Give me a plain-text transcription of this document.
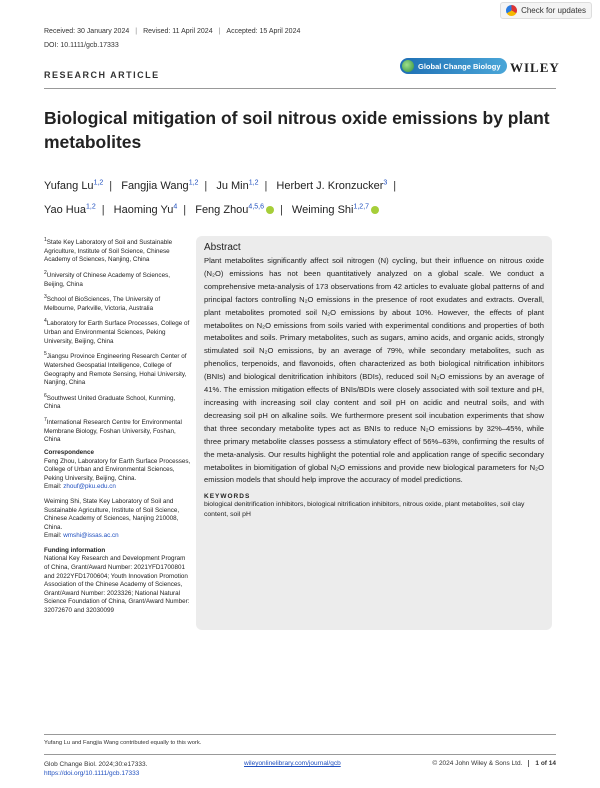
Check for updates
Received: 30 January 2024 | Revised: 11 April 2024 | Accepted: 15 April 2024
DOI: 10.1111/gcb.17333
RESEARCH ARTICLE
Global Change Biology WILEY
Biological mitigation of soil nitrous oxide emissions by plant metabolites
Yufang Lu$^{1,2}$ | Fangjia Wang$^{1,2}$ | Ju Min$^{1,2}$ | Herbert J. Kronzucker$^3$ |
Yao Hua$^{1,2}$ | Haoming Yu$^4$ | Feng Zhou$^{4,5,6}$ | Weiming Shi$^{1,2,7}$
$^1$State Key Laboratory of Soil and Sustainable Agriculture, Institute of Soil Science, Chinese Academy of Sciences, Nanjing, China
$^2$University of Chinese Academy of Sciences, Beijing, China
$^3$School of BioSciences, The University of Melbourne, Parkville, Victoria, Australia
$^4$Laboratory for Earth Surface Processes, College of Urban and Environmental Sciences, Peking University, Beijing, China
$^5$Jiangsu Province Engineering Research Center of Watershed Geospatial Intelligence, College of Geography and Remote Sensing, Hohai University, Nanjing, China
$^6$Southwest United Graduate School, Kunming, China
$^7$International Research Centre for Environmental Membrane Biology, Foshan University, Foshan, China
Correspondence
Feng Zhou, Laboratory for Earth Surface Processes, College of Urban and Environmental Sciences, Peking University, Beijing, China.
Email: zhouf@pku.edu.cn
Weiming Shi, State Key Laboratory of Soil and Sustainable Agriculture, Institute of Soil Science, Chinese Academy of Sciences, Nanjing 210008, China.
Email: wmshi@issas.ac.cn
Funding information
National Key Research and Development Program of China, Grant/Award Number: 2021YFD1700801 and 2022YFD1700604; Youth Innovation Promotion Association of the Chinese Academy of Sciences, Grant/Award Number: 2023326; National Natural Science Foundation of China, Grant/Award Number: 32072670 and 32030099
Abstract
Plant metabolites significantly affect soil nitrogen (N) cycling, but their influence on nitrous oxide (N₂O) emissions has not been quantitatively analyzed on a global scale. We conduct a comprehensive meta-analysis of 173 observations from 42 articles to evaluate global patterns of and principal factors controlling N₂O emissions in the presence of root exudates and extracts. Overall, plant metabolites promoted soil N₂O emissions by about 10%. However, the effects of plant metabolites on N₂O emissions from soils varied with experimental conditions and properties of both metabolites and soils. Primary metabolites, such as sugars, amino acids, and organic acids, strongly stimulated soil N₂O emissions, by an average of 79%, while secondary metabolites, such as phenolics, terpenoids, and flavonoids, often characterized as both biological nitrification inhibitors (BNIs) and biological denitrification inhibitors (BDIs), reduced soil N₂O emissions by an average of 41%. The emission mitigation effects of BNIs/BDIs were closely associated with soil texture and pH, increasing with increasing soil clay content and soil pH on acidic and neutral soils, and with decreasing soil pH on alkaline soils. We furthermore present soil incubation experiments that show that three secondary metabolite types act as BNIs to reduce N₂O emissions by 32%–45%, while three primary metabolite classes possess a stimulatory effect of 56%–63%, confirming the results of the meta-analysis. Our results highlight the potential role and application range of specific secondary metabolites in biomitigation of global N₂O emissions and provide new biological parameters for N₂O emission models that should help improve the accuracy of model predictions.
KEYWORDS
biological denitrification inhibitors, biological nitrification inhibitors, nitrous oxide, plant metabolites, soil clay content, soil pH
Yufang Lu and Fangjia Wang contributed equally to this work.
Glob Change Biol. 2024;30:e17333.
https://doi.org/10.1111/gcb.17333
wileyonlinelibrary.com/journal/gcb	© 2024 John Wiley & Sons Ltd. 1 of 14
